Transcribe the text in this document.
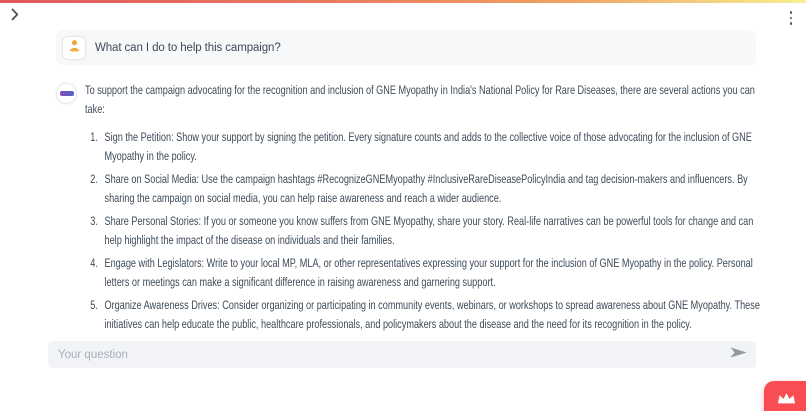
What can I do to help this campaign?
To support the campaign advocating for the recognition and inclusion of GNE Myopathy in India's National Policy for Rare Diseases, there are several actions you can take:
1. Sign the Petition: Show your support by signing the petition. Every signature counts and adds to the collective voice of those advocating for the inclusion of GNE Myopathy in the policy.
2. Share on Social Media: Use the campaign hashtags #RecognizeGNEMyopathy #InclusiveRareDiseasePolicyIndia and tag decision-makers and influencers. By sharing the campaign on social media, you can help raise awareness and reach a wider audience.
3. Share Personal Stories: If you or someone you know suffers from GNE Myopathy, share your story. Real-life narratives can be powerful tools for change and can help highlight the impact of the disease on individuals and their families.
4. Engage with Legislators: Write to your local MP, MLA, or other representatives expressing your support for the inclusion of GNE Myopathy in the policy. Personal letters or meetings can make a significant difference in raising awareness and garnering support.
5. Organize Awareness Drives: Consider organizing or participating in community events, webinars, or workshops to spread awareness about GNE Myopathy. These initiatives can help educate the public, healthcare professionals, and policymakers about the disease and the need for its recognition in the policy.
Your question
